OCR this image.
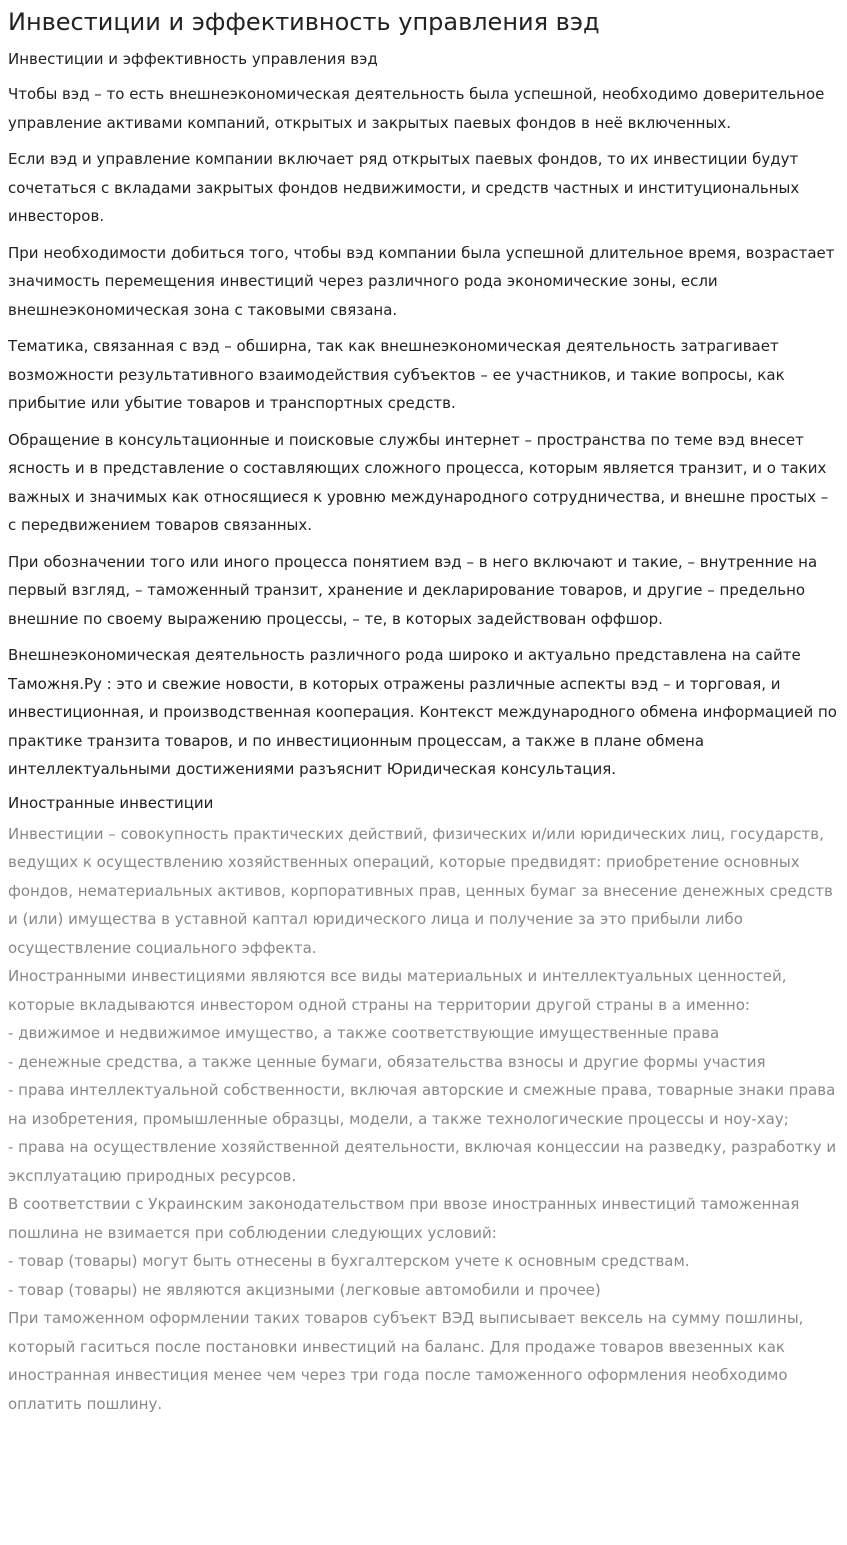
Инвестиции и эффективность управления вэд
Инвестиции и эффективность управления вэд

Чтобы вэд – то есть внешнеэкономическая деятельность была успешной, необходимо доверительное управление активами компаний, открытых и закрытых паевых фондов в неё включенных.

Если вэд и управление компании включает ряд открытых паевых фондов, то их инвестиции будут сочетаться с вкладами закрытых фондов недвижимости, и средств частных и институциональных инвесторов.

При необходимости добиться того, чтобы вэд компании была успешной длительное время, возрастает значимость перемещения инвестиций через различного рода экономические зоны, если внешнеэкономическая зона с таковыми связана.

Тематика, связанная с вэд – обширна, так как внешнеэкономическая деятельность затрагивает возможности результативного взаимодействия субъектов – ее участников, и такие вопросы, как прибытие или убытие товаров и транспортных средств.

Обращение в консультационные и поисковые службы интернет – пространства по теме вэд внесет ясность и в представление о составляющих сложного процесса, которым является транзит, и о таких важных и значимых как относящиеся к уровню международного сотрудничества, и внешне простых – с передвижением товаров связанных.

При обозначении того или иного процесса понятием вэд – в него включают и такие, – внутренние на первый взгляд, – таможенный транзит, хранение и декларирование товаров, и другие – предельно внешние по своему выражению процессы, – те, в которых задействован оффшор.

Внешнеэкономическая деятельность различного рода широко и актуально представлена на сайте Таможня.Ру : это и свежие новости, в которых отражены различные аспекты вэд – и торговая, и инвестиционная, и производственная кооперация. Контекст международного обмена информацией по практике транзита товаров, и по инвестиционным процессам, а также в плане обмена интеллектуальными достижениями разъяснит Юридическая консультация.

Иностранные инвестиции
Инвестиции – совокупность практических действий, физических и/или юридических лиц, государств, ведущих к осуществлению хозяйственных операций, которые предвидят: приобретение основных фондов, нематериальных активов, корпоративных прав, ценных бумаг за внесение денежных средств и (или) имущества в уставной каптал юридического лица и получение за это прибыли либо осуществление социального эффекта.
Иностранными инвестициями являются все виды материальных и интеллектуальных ценностей, которые вкладываются инвестором одной страны на территории другой страны в а именно:
- движимое и недвижимое имущество, а также соответствующие имущественные права
- денежные средства, а также ценные бумаги, обязательства взносы и другие формы участия
- права интеллектуальной собственности, включая авторские и смежные права, товарные знаки права на изобретения, промышленные образцы, модели, а также технологические процессы и ноу-хау;
- права на осуществление хозяйственной деятельности, включая концессии на разведку, разработку и эксплуатацию природных ресурсов.
В соответствии с Украинским законодательством при ввозе иностранных инвестиций таможенная пошлина не взимается при соблюдении следующих условий:
- товар (товары) могут быть отнесены в бухгалтерском учете к основным средствам.
- товар (товары) не являются акцизными (легковые автомобили и прочее)
При таможенном оформлении таких товаров субъект ВЭД выписывает вексель на сумму пошлины, который гаситься после постановки инвестиций на баланс. Для продаже товаров ввезенных как иностранная инвестиция менее чем через три года после таможенного оформления необходимо оплатить пошлину.
